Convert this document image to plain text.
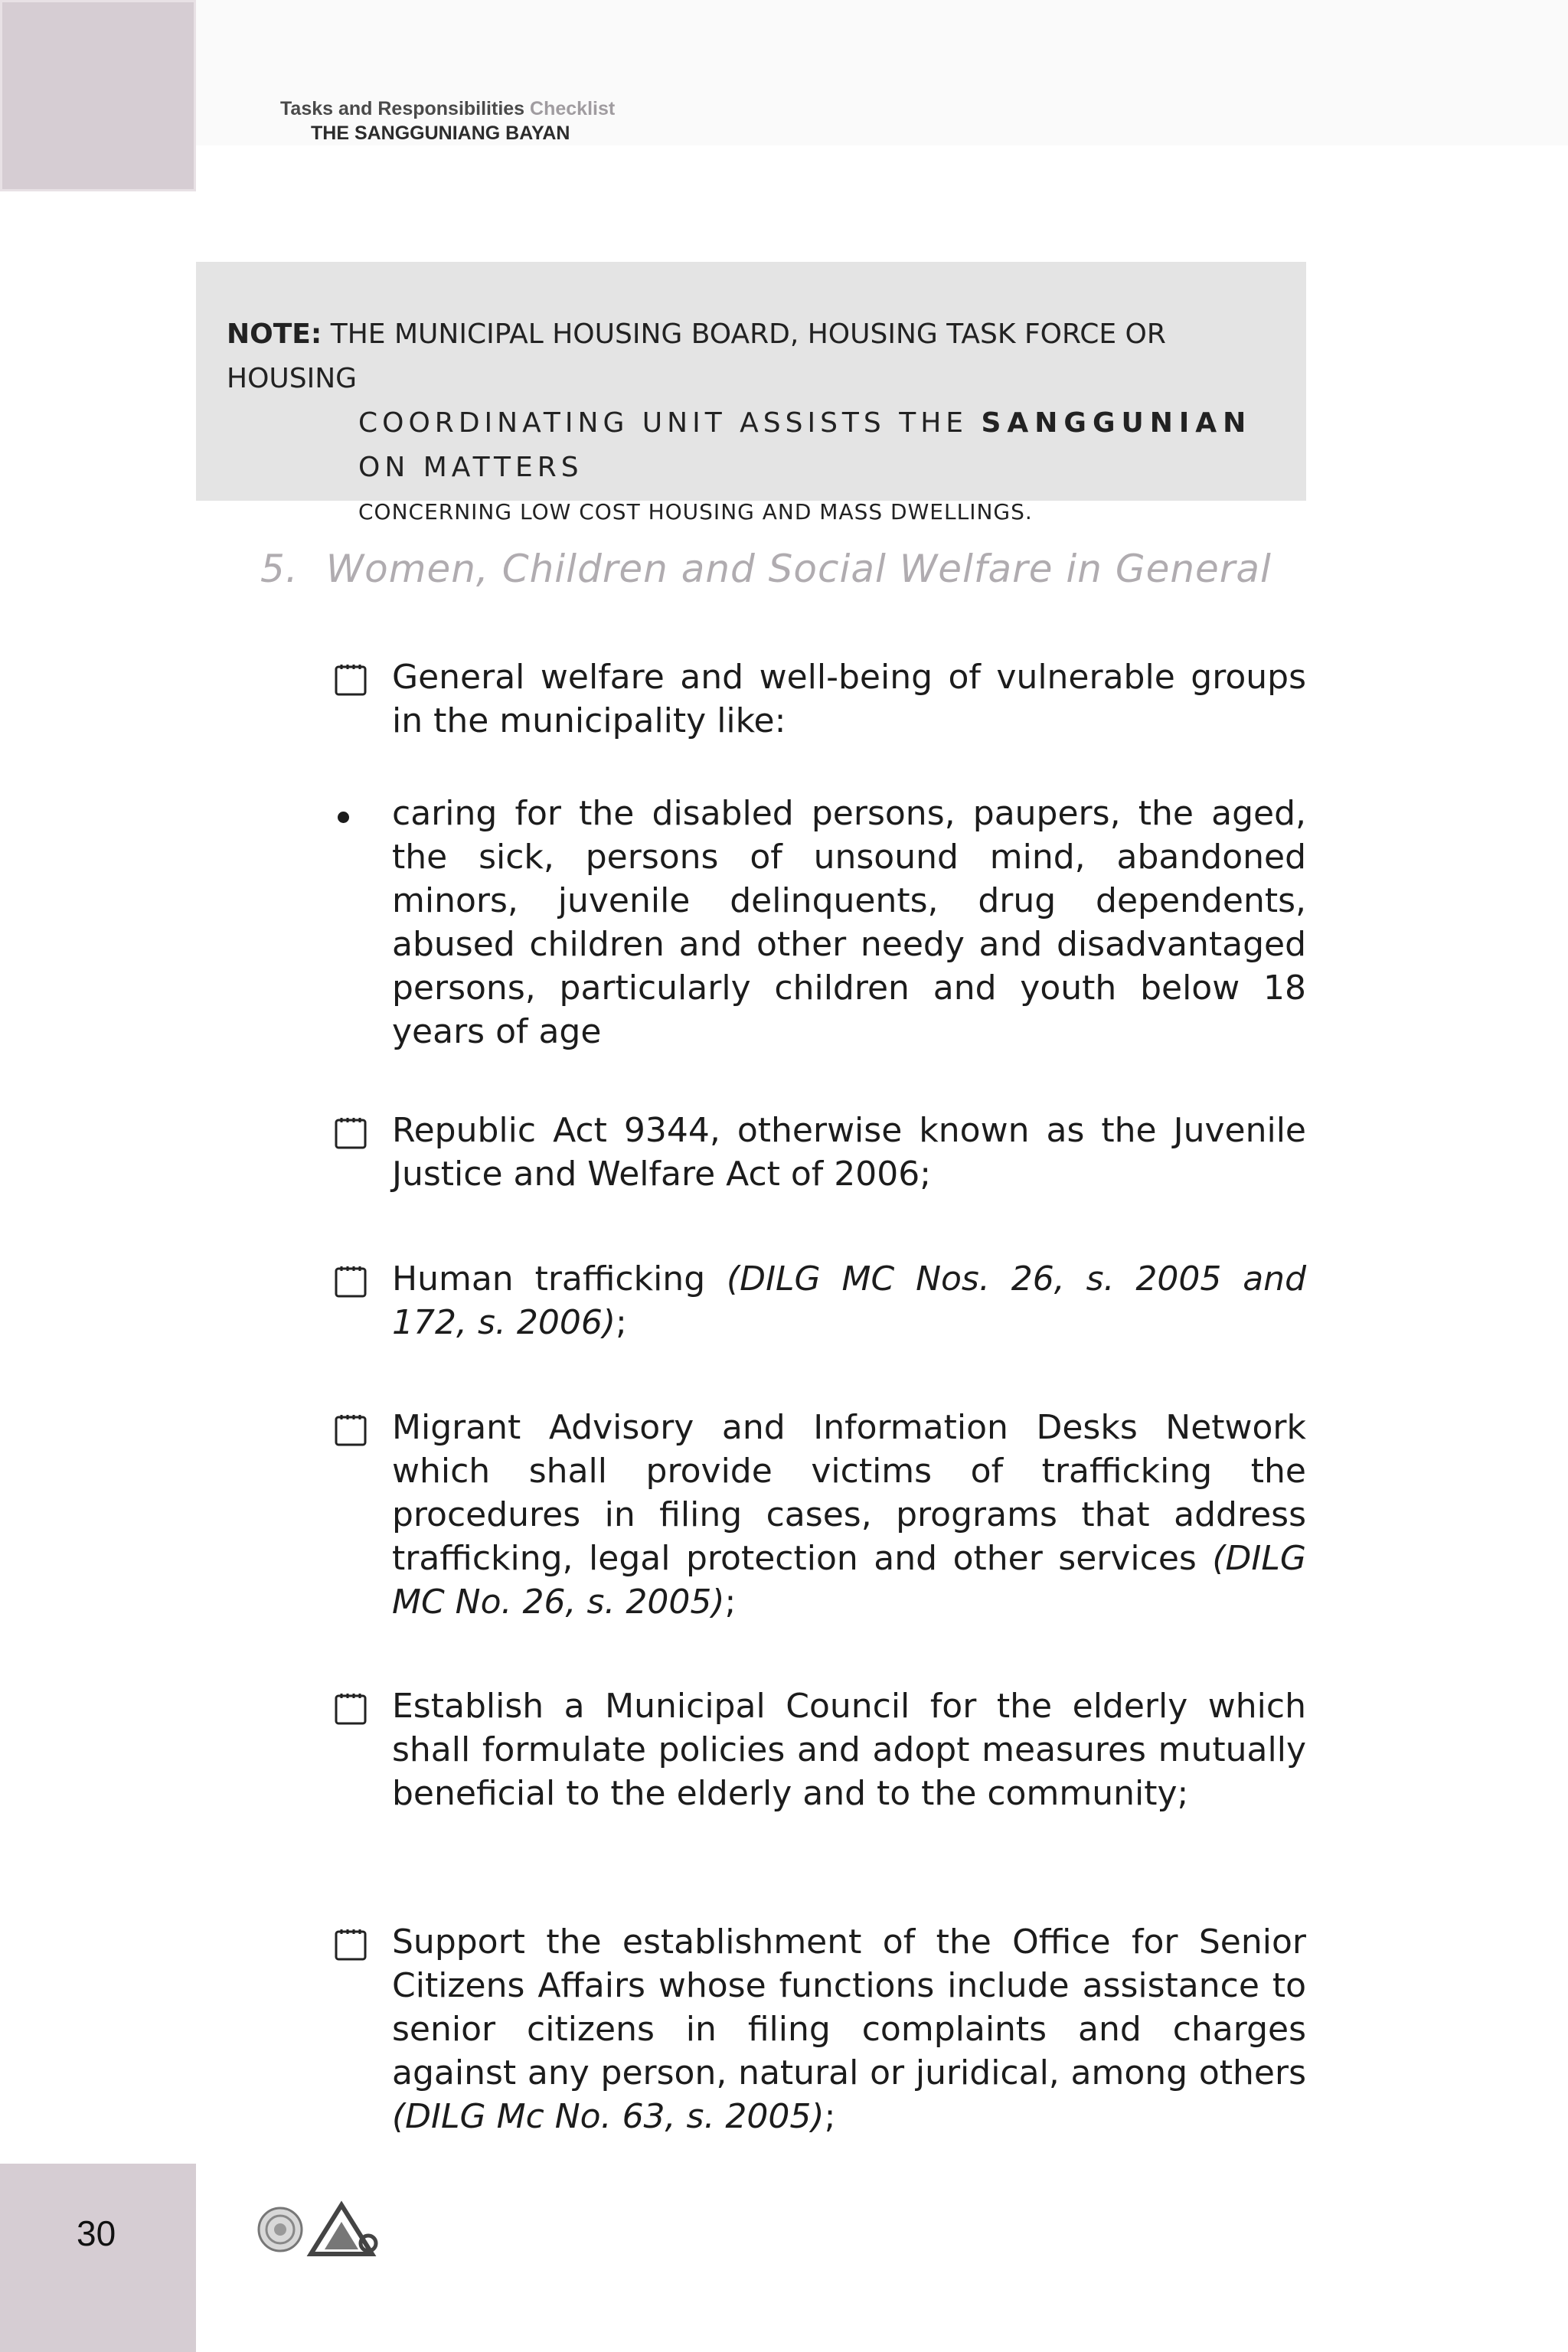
Tasks and Responsibilities Checklist
THE SANGGUNIANG BAYAN
NOTE: THE MUNICIPAL HOUSING BOARD, HOUSING TASK FORCE OR HOUSING
COORDINATING UNIT ASSISTS THE SANGGUNIAN ON MATTERS
CONCERNING LOW COST HOUSING AND MASS DWELLINGS.
5. Women, Children and Social Welfare in General
General welfare and well-being of vulnerable groups in the municipality like:
caring for the disabled persons, paupers, the aged, the sick, persons of unsound mind, abandoned minors, juvenile delinquents, drug dependents, abused children and other needy and disadvantaged persons, particularly children and youth below 18 years of age
Republic Act 9344, otherwise known as the Juvenile Justice and Welfare Act of 2006;
Human trafficking (DILG MC Nos. 26, s. 2005 and 172, s. 2006);
Migrant Advisory and Information Desks Network which shall provide victims of trafficking the procedures in filing cases, programs that address trafficking, legal protection and other services (DILG MC No. 26, s. 2005);
Establish a Municipal Council for the elderly which shall formulate policies and adopt measures mutually beneficial to the elderly and to the community;
Support the establishment of the Office for Senior Citizens Affairs whose functions include assistance to senior citizens in filing complaints and charges against any person, natural or juridical, among others (DILG Mc No. 63, s. 2005);
30
